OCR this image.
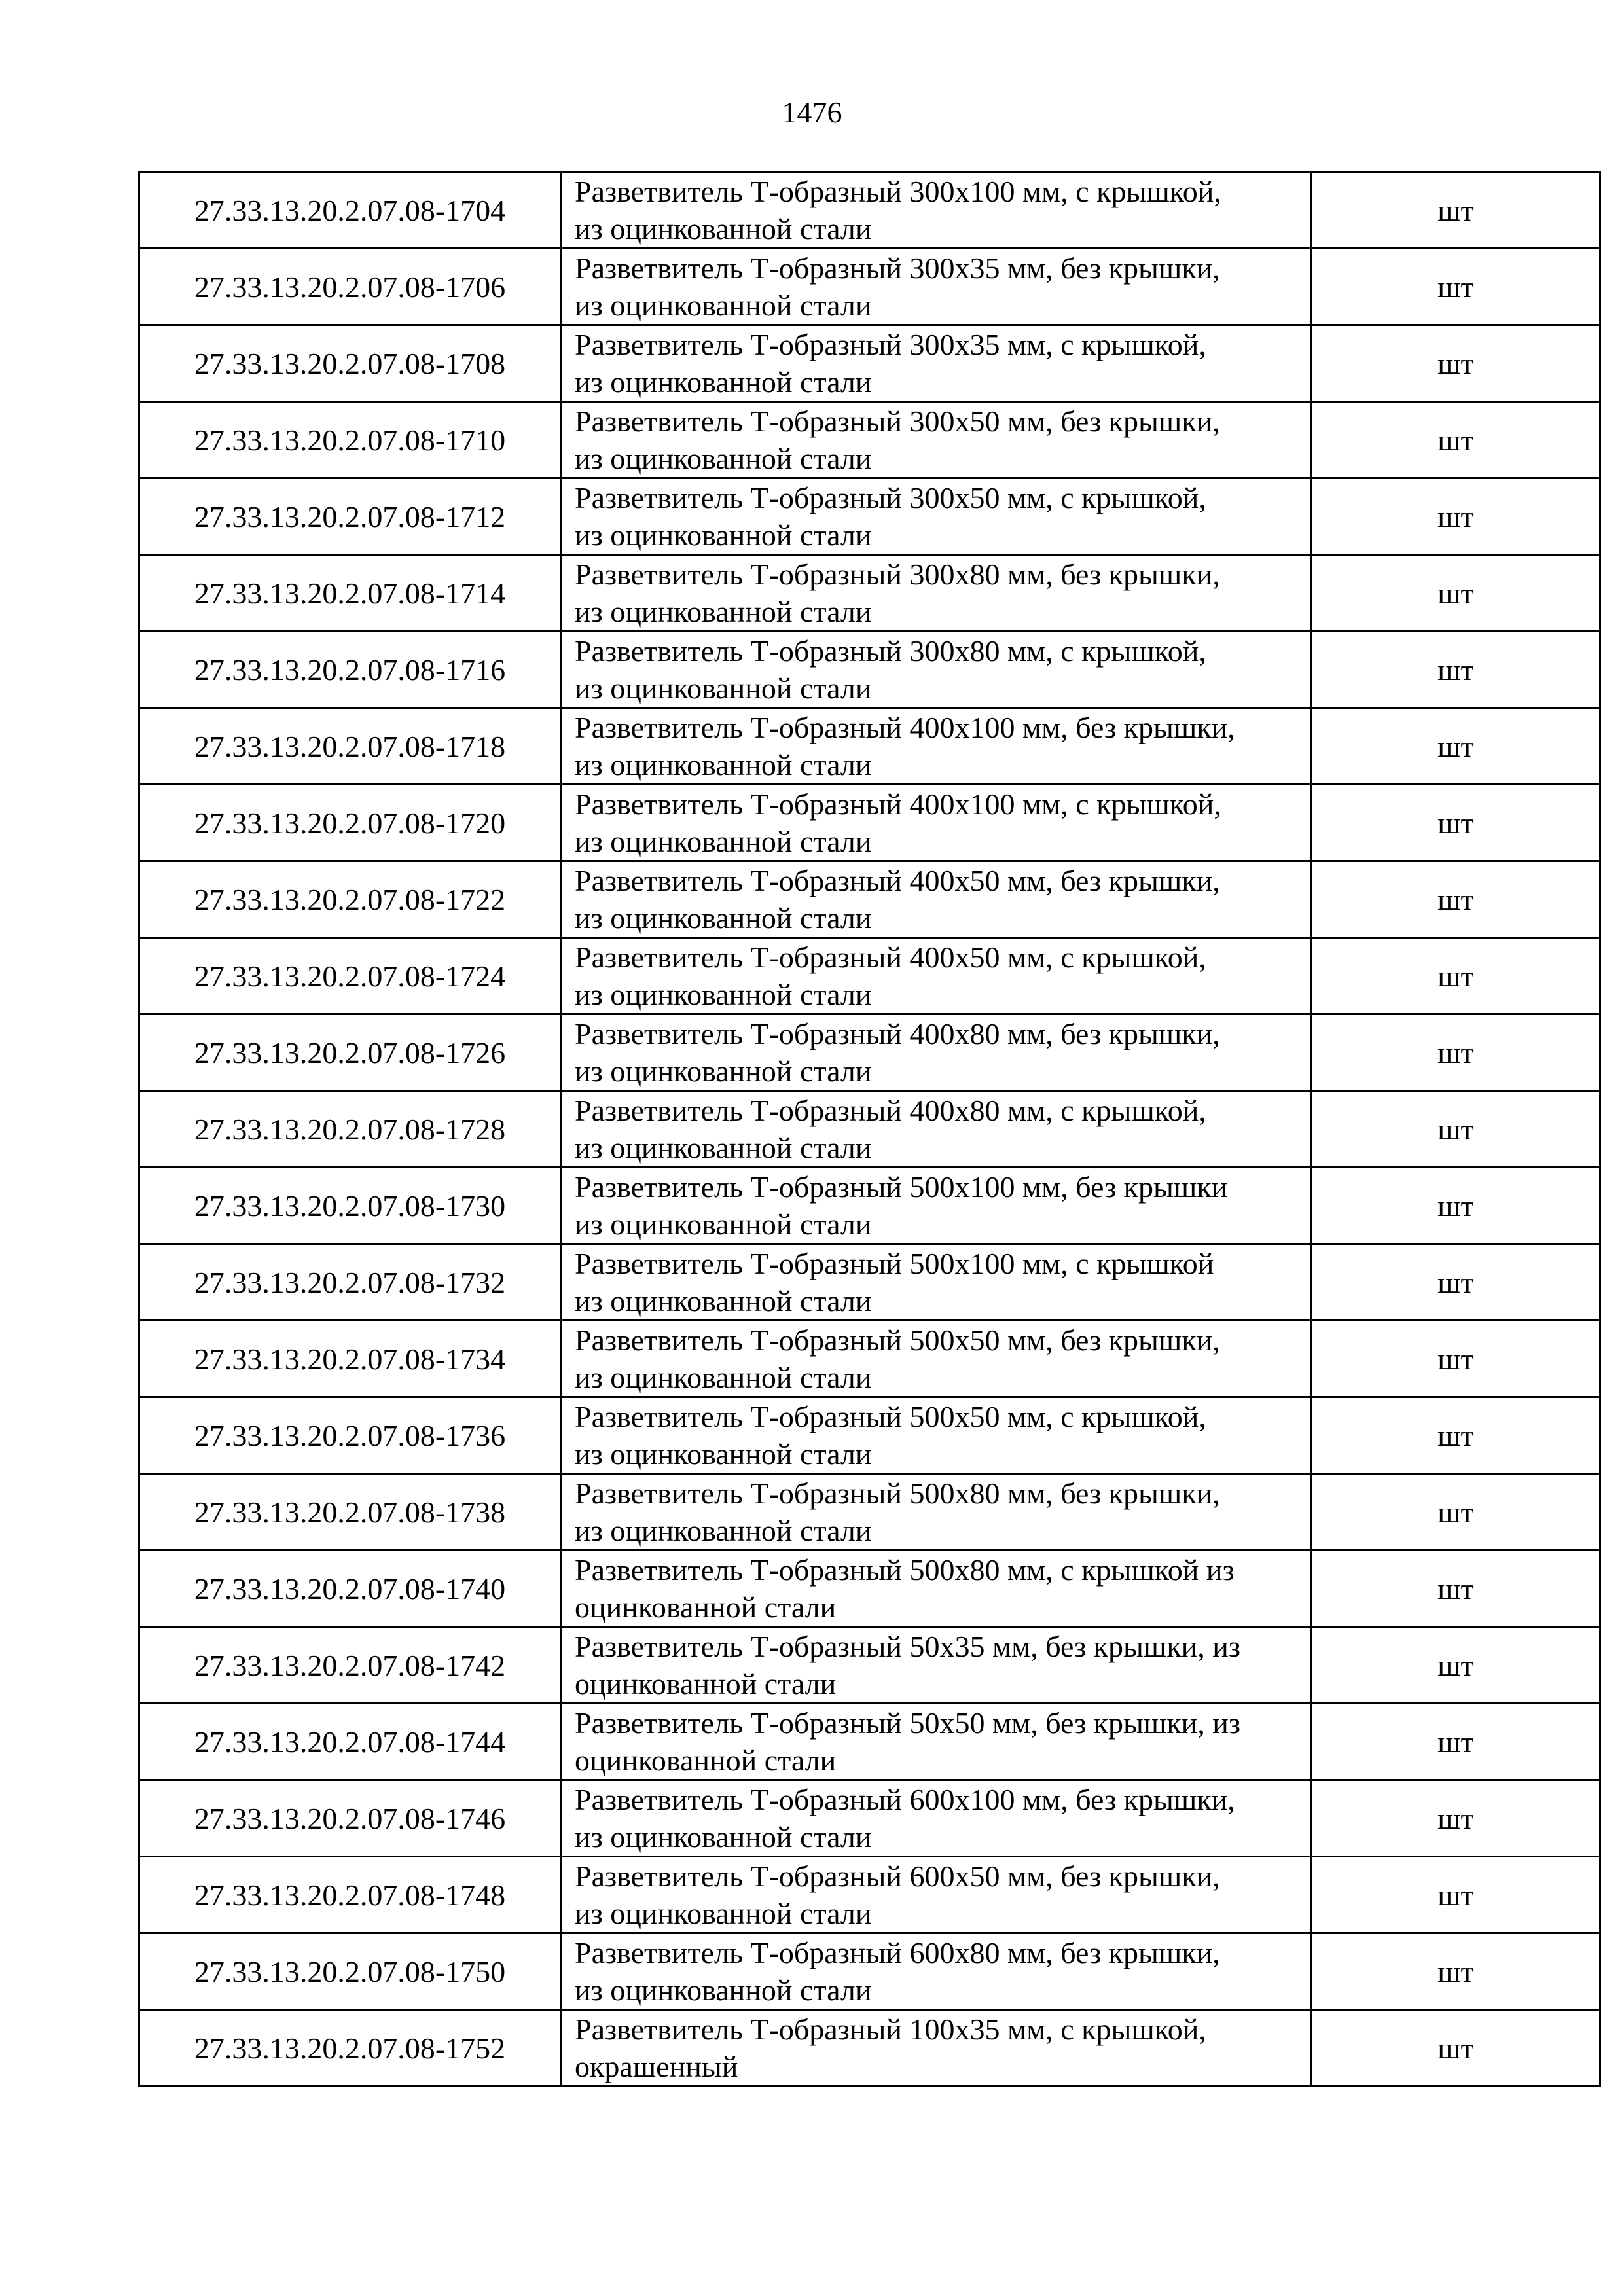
1476
27.33.13.20.2.07.08-1704	Разветвитель Т-образный 300х100 мм, с крышкой,
из оцинкованной стали	шт
27.33.13.20.2.07.08-1706	Разветвитель Т-образный 300х35 мм, без крышки,
из оцинкованной стали	шт
27.33.13.20.2.07.08-1708	Разветвитель Т-образный 300х35 мм, с крышкой,
из оцинкованной стали	шт
27.33.13.20.2.07.08-1710	Разветвитель Т-образный 300х50 мм, без крышки,
из оцинкованной стали	шт
27.33.13.20.2.07.08-1712	Разветвитель Т-образный 300х50 мм, с крышкой,
из оцинкованной стали	шт
27.33.13.20.2.07.08-1714	Разветвитель Т-образный 300х80 мм, без крышки,
из оцинкованной стали	шт
27.33.13.20.2.07.08-1716	Разветвитель Т-образный 300х80 мм, с крышкой,
из оцинкованной стали	шт
27.33.13.20.2.07.08-1718	Разветвитель Т-образный 400х100 мм, без крышки,
из оцинкованной стали	шт
27.33.13.20.2.07.08-1720	Разветвитель Т-образный 400х100 мм, с крышкой,
из оцинкованной стали	шт
27.33.13.20.2.07.08-1722	Разветвитель Т-образный 400х50 мм, без крышки,
из оцинкованной стали	шт
27.33.13.20.2.07.08-1724	Разветвитель Т-образный 400х50 мм, с крышкой,
из оцинкованной стали	шт
27.33.13.20.2.07.08-1726	Разветвитель Т-образный 400х80 мм, без крышки,
из оцинкованной стали	шт
27.33.13.20.2.07.08-1728	Разветвитель Т-образный 400х80 мм, с крышкой,
из оцинкованной стали	шт
27.33.13.20.2.07.08-1730	Разветвитель Т-образный 500х100 мм, без крышки
из оцинкованной стали	шт
27.33.13.20.2.07.08-1732	Разветвитель Т-образный 500х100 мм, с крышкой
из оцинкованной стали	шт
27.33.13.20.2.07.08-1734	Разветвитель Т-образный 500х50 мм, без крышки,
из оцинкованной стали	шт
27.33.13.20.2.07.08-1736	Разветвитель Т-образный 500х50 мм, с крышкой,
из оцинкованной стали	шт
27.33.13.20.2.07.08-1738	Разветвитель Т-образный 500х80 мм, без крышки,
из оцинкованной стали	шт
27.33.13.20.2.07.08-1740	Разветвитель Т-образный 500х80 мм, с крышкой из
оцинкованной стали	шт
27.33.13.20.2.07.08-1742	Разветвитель Т-образный 50х35 мм, без крышки, из
оцинкованной стали	шт
27.33.13.20.2.07.08-1744	Разветвитель Т-образный 50х50 мм, без крышки, из
оцинкованной стали	шт
27.33.13.20.2.07.08-1746	Разветвитель Т-образный 600х100 мм, без крышки,
из оцинкованной стали	шт
27.33.13.20.2.07.08-1748	Разветвитель Т-образный 600х50 мм, без крышки,
из оцинкованной стали	шт
27.33.13.20.2.07.08-1750	Разветвитель Т-образный 600х80 мм, без крышки,
из оцинкованной стали	шт
27.33.13.20.2.07.08-1752	Разветвитель Т-образный 100х35 мм, с крышкой,
окрашенный	шт
